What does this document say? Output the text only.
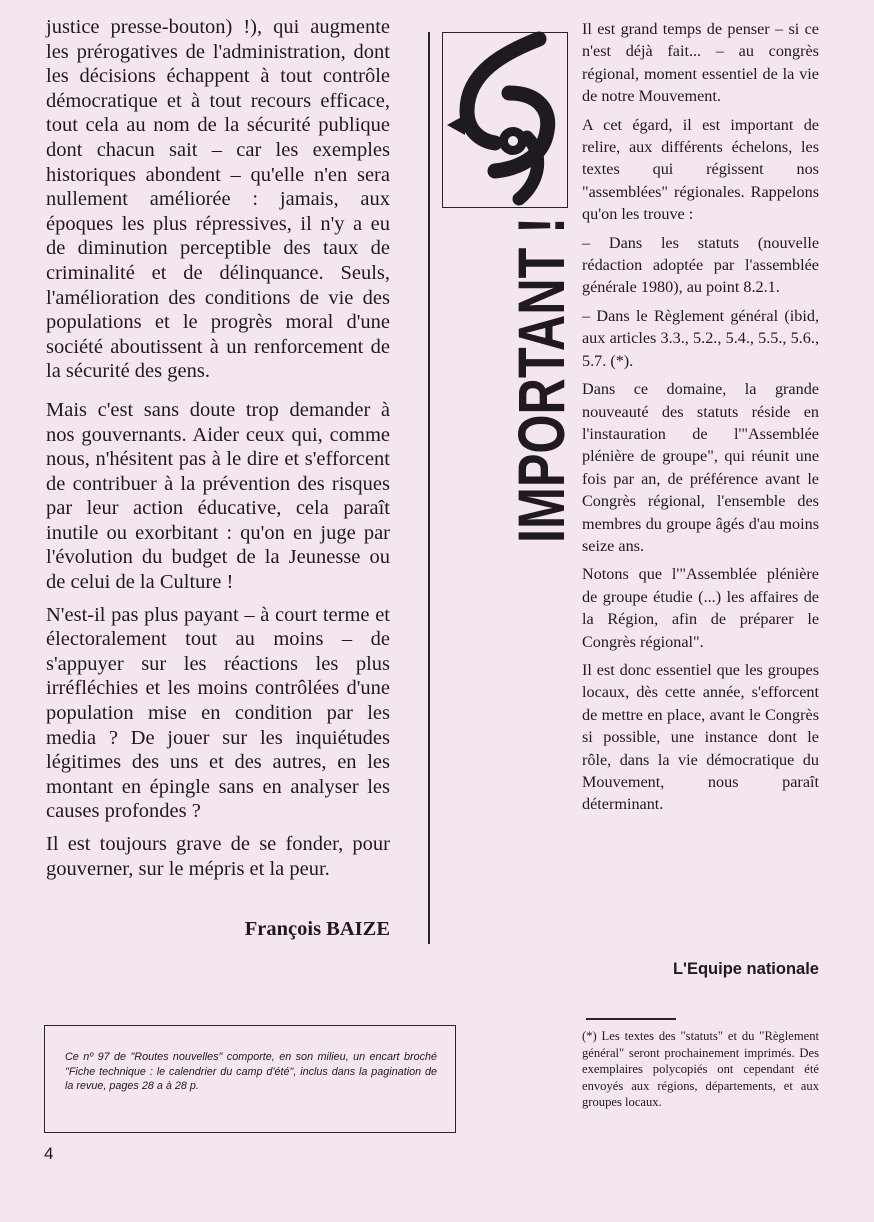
justice presse-bouton) !), qui augmente les prérogatives de l'administration, dont les décisions échappent à tout contrôle démocratique et à tout recours efficace, tout cela au nom de la sécurité publique dont chacun sait – car les exemples historiques abondent – qu'elle n'en sera nullement améliorée : jamais, aux époques les plus répressives, il n'y a eu de diminution perceptible des taux de criminalité et de délinquance. Seuls, l'amélioration des conditions de vie des populations et le progrès moral d'une société aboutissent à un renforcement de la sécurité des gens.

Mais c'est sans doute trop demander à nos gouvernants. Aider ceux qui, comme nous, n'hésitent pas à le dire et s'efforcent de contribuer à la prévention des risques par leur action éducative, cela paraît inutile ou exorbitant : qu'on en juge par l'évolution du budget de la Jeunesse ou de celui de la Culture !

N'est-il pas plus payant – à court terme et électoralement tout au moins – de s'appuyer sur les réactions les plus irréfléchies et les moins contrôlées d'une population mise en condition par les media ? De jouer sur les inquiétudes légitimes des uns et des autres, en les montant en épingle sans en analyser les causes profondes ?

Il est toujours grave de se fonder, pour gouverner, sur le mépris et la peur.

François BAIZE
IMPORTANT !

Il est grand temps de penser – si ce n'est déjà fait... – au congrès régional, moment essentiel de la vie de notre Mouvement.

A cet égard, il est important de relire, aux différents échelons, les textes qui régissent nos "assemblées" régionales. Rappelons qu'on les trouve :

– Dans les statuts (nouvelle rédaction adoptée par l'assemblée générale 1980), au point 8.2.1.

– Dans le Règlement général (ibid, aux articles 3.3., 5.2., 5.4., 5.5., 5.6., 5.7. (*).

Dans ce domaine, la grande nouveauté des statuts réside en l'instauration de l'"Assemblée plénière de groupe", qui réunit une fois par an, de préférence avant le Congrès régional, l'ensemble des membres du groupe âgés d'au moins seize ans.

Notons que l'"Assemblée plénière de groupe étudie (...) les affaires de la Région, afin de préparer le Congrès régional".

Il est donc essentiel que les groupes locaux, dès cette année, s'efforcent de mettre en place, avant le Congrès si possible, une instance dont le rôle, dans la vie démocratique du Mouvement, nous paraît déterminant.

L'Equipe nationale
(*) Les textes des "statuts" et du "Règlement général" seront prochainement imprimés. Des exemplaires polycopiés ont cependant été envoyés aux régions, départements, et aux groupes locaux.
Ce nº 97 de "Routes nouvelles" comporte, en son milieu, un encart broché "Fiche technique : le calendrier du camp d'été", inclus dans la pagination de la revue, pages 28 a à 28 p.
4
